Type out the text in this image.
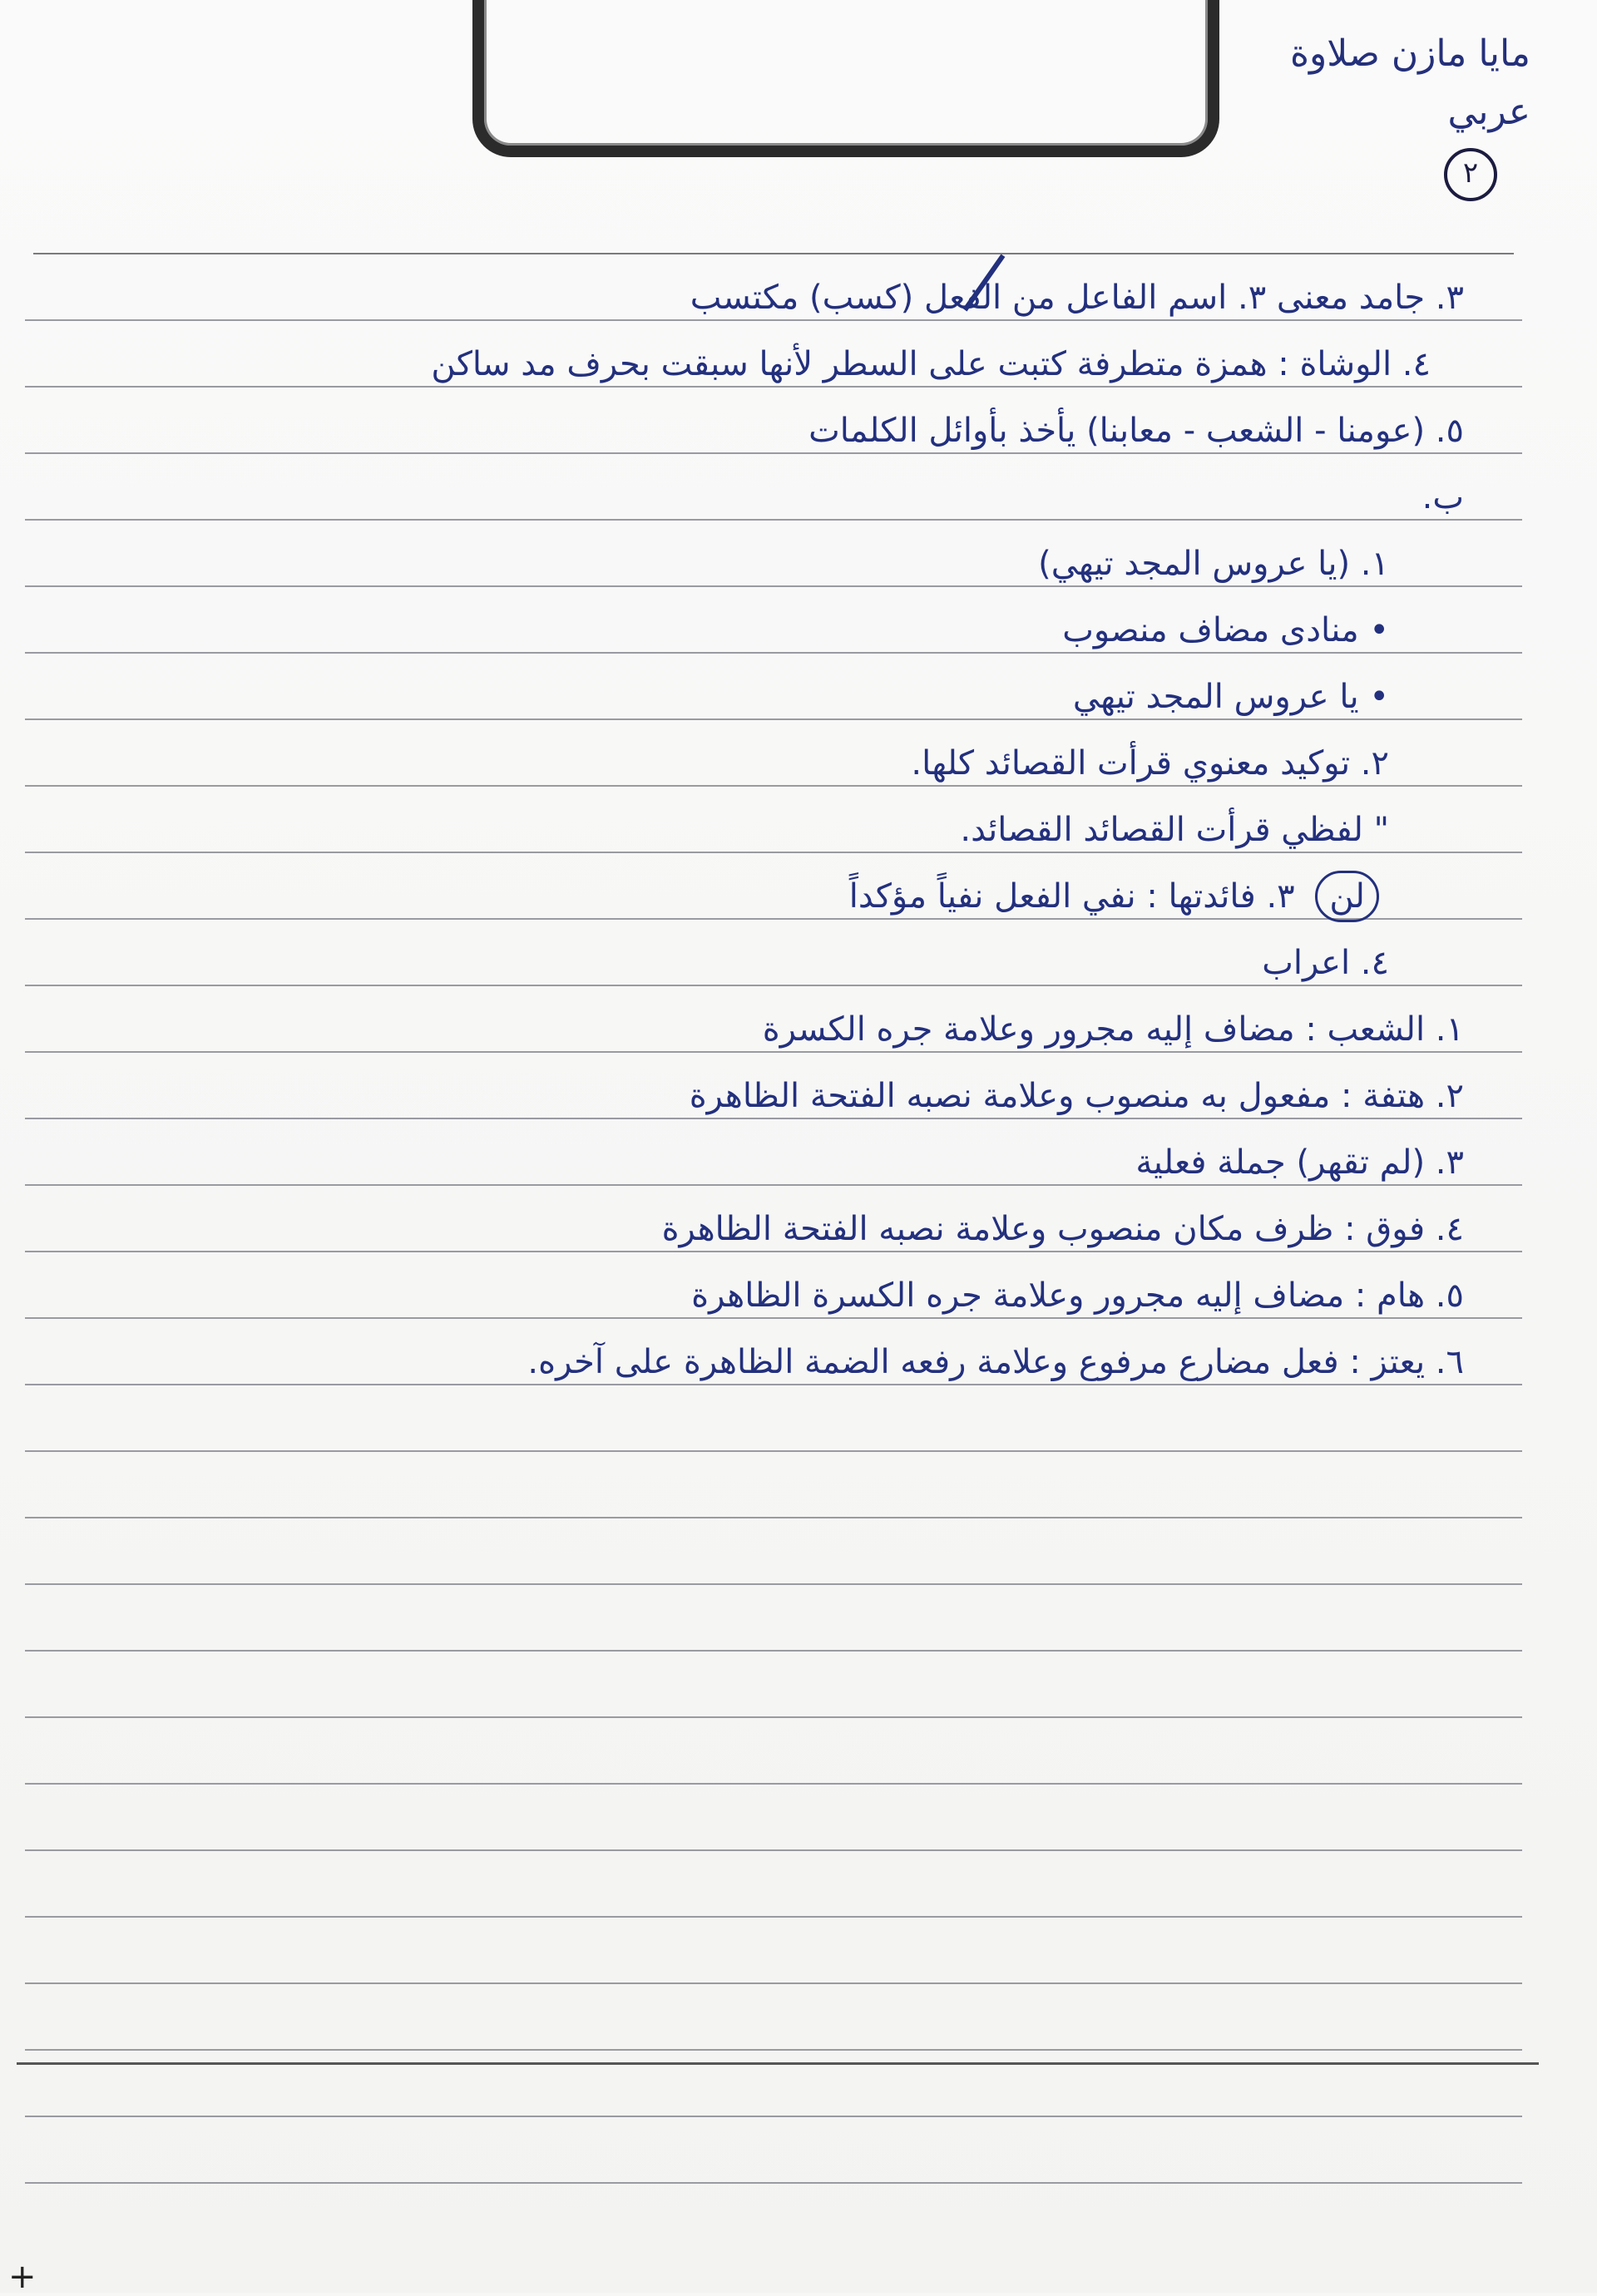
مايا مازن صلاوة
عربي
٢
٣. جامد معنى ٣. اسم الفاعل من الفعل (كسب) مكتسب
٤. الوشاة : همزة متطرفة كتبت على السطر لأنها سبقت بحرف مد ساكن
٥. (عومنا - الشعب - معابنا) يأخذ بأوائل الكلمات
ب.
١. (يا عروس المجد تيهي)
• منادى مضاف منصوب
• يا عروس المجد تيهي
٢. توكيد معنوي قرأت القصائد كلها.
" لفظي قرأت القصائد القصائد.
لن ٣. فائدتها : نفي الفعل نفياً مؤكداً
٤. اعراب
١. الشعب : مضاف إليه مجرور وعلامة جره الكسرة
٢. هتفة : مفعول به منصوب وعلامة نصبه الفتحة الظاهرة
٣. (لم تقهر) جملة فعلية
٤. فوق : ظرف مكان منصوب وعلامة نصبه الفتحة الظاهرة
٥. هام : مضاف إليه مجرور وعلامة جره الكسرة الظاهرة
٦. يعتز : فعل مضارع مرفوع وعلامة رفعه الضمة الظاهرة على آخره.
+
